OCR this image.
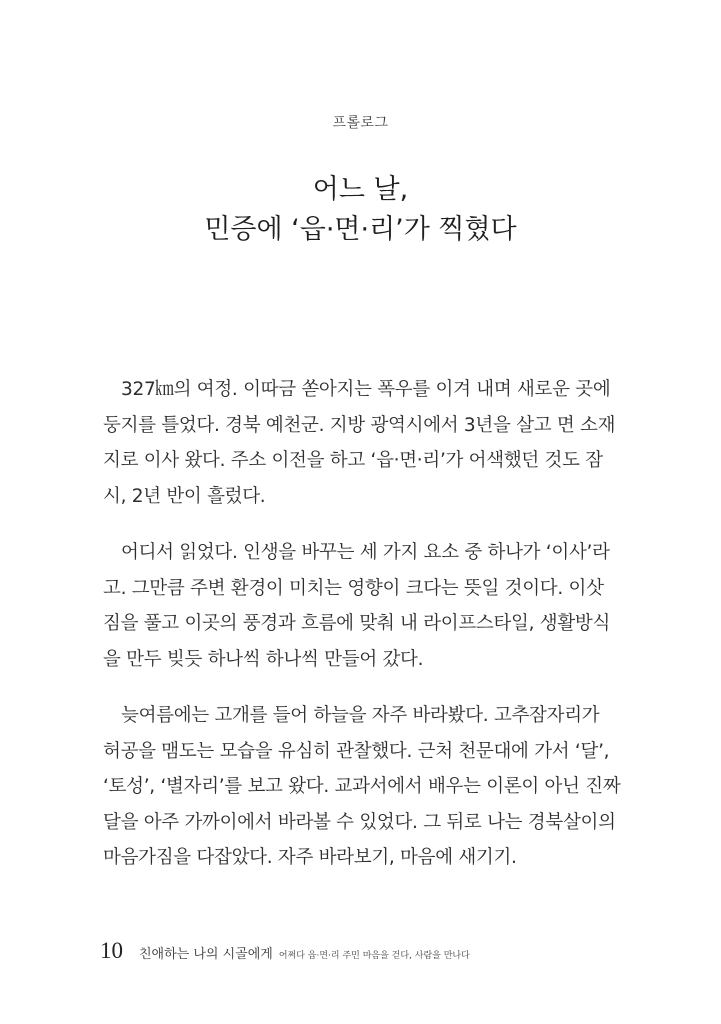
프롤로그
어느 날,
민증에 ‘읍·면·리’가 찍혔다

327㎞의 여정. 이따금 쏟아지는 폭우를 이겨 내며 새로운 곳에
둥지를 틀었다. 경북 예천군. 지방 광역시에서 3년을 살고 면 소재
지로 이사 왔다. 주소 이전을 하고 ‘읍·면·리’가 어색했던 것도 잠
시, 2년 반이 흘렀다.

어디서 읽었다. 인생을 바꾸는 세 가지 요소 중 하나가 ‘이사’라
고. 그만큼 주변 환경이 미치는 영향이 크다는 뜻일 것이다. 이삿
짐을 풀고 이곳의 풍경과 흐름에 맞춰 내 라이프스타일, 생활방식
을 만두 빚듯 하나씩 하나씩 만들어 갔다.

늦여름에는 고개를 들어 하늘을 자주 바라봤다. 고추잠자리가
허공을 맴도는 모습을 유심히 관찰했다. 근처 천문대에 가서 ‘달’,
‘토성’, ‘별자리’를 보고 왔다. 교과서에서 배우는 이론이 아닌 진짜
달을 아주 가까이에서 바라볼 수 있었다. 그 뒤로 나는 경북살이의
마음가짐을 다잡았다. 자주 바라보기, 마음에 새기기.

10 친애하는 나의 시골에게 어쩌다 읍·면·리 주민 마음을 걷다, 사람을 만나다
